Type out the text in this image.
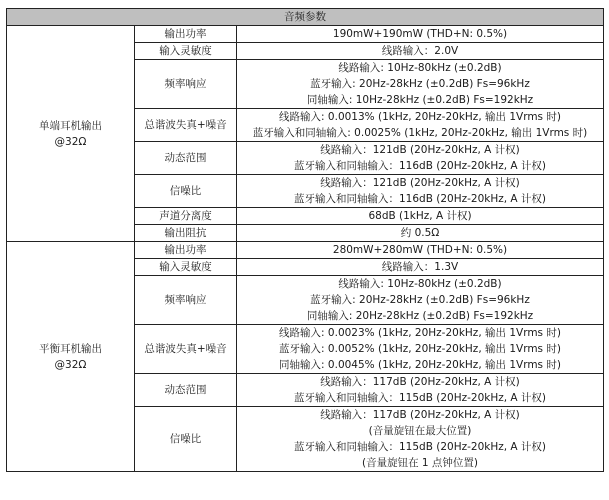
音频参数		
单端耳机输出
@32Ω	输出功率	190mW+190mW (THD+N: 0.5%)

	输入灵敏度	线路输入：2.0V

	频率响应	线路输入: 10Hz-80kHz (±0.2dB)
蓝牙输入: 20Hz-28kHz (±0.2dB) Fs=96kHz
同轴输入: 10Hz-28kHz (±0.2dB) Fs=192kHz

	总谐波失真+噪音	线路输入: 0.0013% (1kHz, 20Hz-20kHz, 输出 1Vrms 时)
蓝牙输入和同轴输入: 0.0025% (1kHz, 20Hz-20kHz, 输出 1Vrms 时)

	动态范围	线路输入：121dB (20Hz-20kHz, A 计权)
蓝牙输入和同轴输入：116dB (20Hz-20kHz, A 计权)

	信噪比	线路输入：121dB (20Hz-20kHz, A 计权)
蓝牙输入和同轴输入：116dB (20Hz-20kHz, A 计权)

	声道分离度	68dB (1kHz, A 计权)

	输出阻抗	约 0.5Ω

平衡耳机输出
@32Ω	输出功率	280mW+280mW (THD+N: 0.5%)

	输入灵敏度	线路输入：1.3V

	频率响应	线路输入: 10Hz-80kHz (±0.2dB)
蓝牙输入: 20Hz-28kHz (±0.2dB) Fs=96kHz
同轴输入: 20Hz-28kHz (±0.2dB) Fs=192kHz

	总谐波失真+噪音	线路输入: 0.0023% (1kHz, 20Hz-20kHz, 输出 1Vrms 时)
蓝牙输入: 0.0052% (1kHz, 20Hz-20kHz, 输出 1Vrms 时)
同轴输入: 0.0045% (1kHz, 20Hz-20kHz, 输出 1Vrms 时)

	动态范围	线路输入：117dB (20Hz-20kHz, A 计权)
蓝牙输入和同轴输入：115dB (20Hz-20kHz, A 计权)

	信噪比	线路输入：117dB (20Hz-20kHz, A 计权)
(音量旋钮在最大位置)
蓝牙输入和同轴输入：115dB (20Hz-20kHz, A 计权)
(音量旋钮在 1 点钟位置)
